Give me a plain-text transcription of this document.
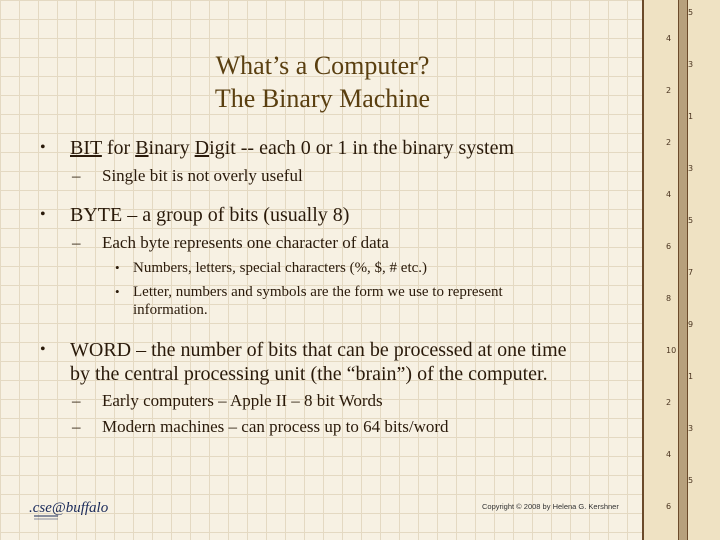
What’s a Computer?
The Binary Machine
• BIT for Binary Digit -- each 0 or 1 in the binary system
– Single bit is not overly useful
• BYTE – a group of bits (usually 8)
– Each byte represents one character of data
• Numbers, letters, special characters (%, $, # etc.)
• Letter, numbers and symbols are the form we use to represent
information.
• WORD – the number of bits that can be processed at one time
by the central processing unit (the “brain”) of the computer.
– Early computers – Apple II – 8 bit Words
– Modern machines – can process up to 64 bits/word
.cse@buffalo	Copyright © 2008 by Helena G. Kershner
5
4
3
2
1
2
3
4
5
6
7
8
9
10
1
2
3
4
5
6
